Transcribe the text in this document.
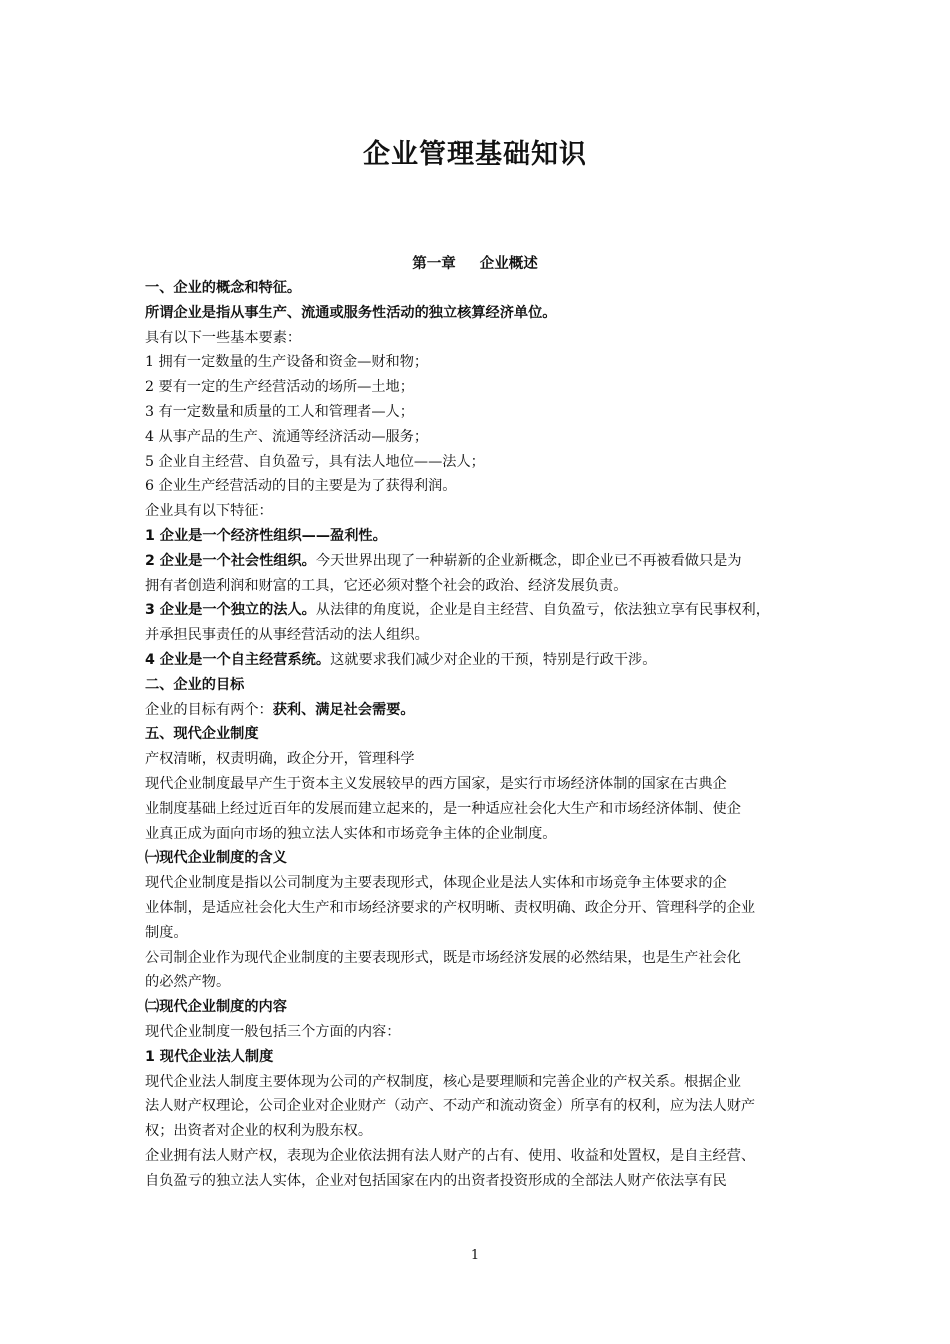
企业管理基础知识
第一章 企业概述
一、企业的概念和特征。
所谓企业是指从事生产、流通或服务性活动的独立核算经济单位。
具有以下一些基本要素：
1 拥有一定数量的生产设备和资金—财和物；
2 要有一定的生产经营活动的场所—土地；
3 有一定数量和质量的工人和管理者—人；
4 从事产品的生产、流通等经济活动—服务；
5 企业自主经营、自负盈亏，具有法人地位——法人；
6 企业生产经营活动的目的主要是为了获得利润。
企业具有以下特征：
1 企业是一个经济性组织——盈利性。
2 企业是一个社会性组织。今天世界出现了一种崭新的企业新概念，即企业已不再被看做只是为
拥有者创造利润和财富的工具，它还必须对整个社会的政治、经济发展负责。
3 企业是一个独立的法人。从法律的角度说，企业是自主经营、自负盈亏，依法独立享有民事权利，
并承担民事责任的从事经营活动的法人组织。
4 企业是一个自主经营系统。这就要求我们减少对企业的干预，特别是行政干涉。
二、企业的目标
企业的目标有两个：获利、满足社会需要。
五、现代企业制度
产权清晰，权责明确，政企分开，管理科学
现代企业制度最早产生于资本主义发展较早的西方国家，是实行市场经济体制的国家在古典企
业制度基础上经过近百年的发展而建立起来的，是一种适应社会化大生产和市场经济体制、使企
业真正成为面向市场的独立法人实体和市场竞争主体的企业制度。
㈠现代企业制度的含义
现代企业制度是指以公司制度为主要表现形式，体现企业是法人实体和市场竞争主体要求的企
业体制，是适应社会化大生产和市场经济要求的产权明晰、责权明确、政企分开、管理科学的企业
制度。
公司制企业作为现代企业制度的主要表现形式，既是市场经济发展的必然结果，也是生产社会化
的必然产物。
㈡现代企业制度的内容
现代企业制度一般包括三个方面的内容：
1 现代企业法人制度
现代企业法人制度主要体现为公司的产权制度，核心是要理顺和完善企业的产权关系。根据企业
法人财产权理论，公司企业对企业财产（动产、不动产和流动资金）所享有的权利，应为法人财产
权；出资者对企业的权利为股东权。
企业拥有法人财产权，表现为企业依法拥有法人财产的占有、使用、收益和处置权，是自主经营、
自负盈亏的独立法人实体，企业对包括国家在内的出资者投资形成的全部法人财产依法享有民
1
